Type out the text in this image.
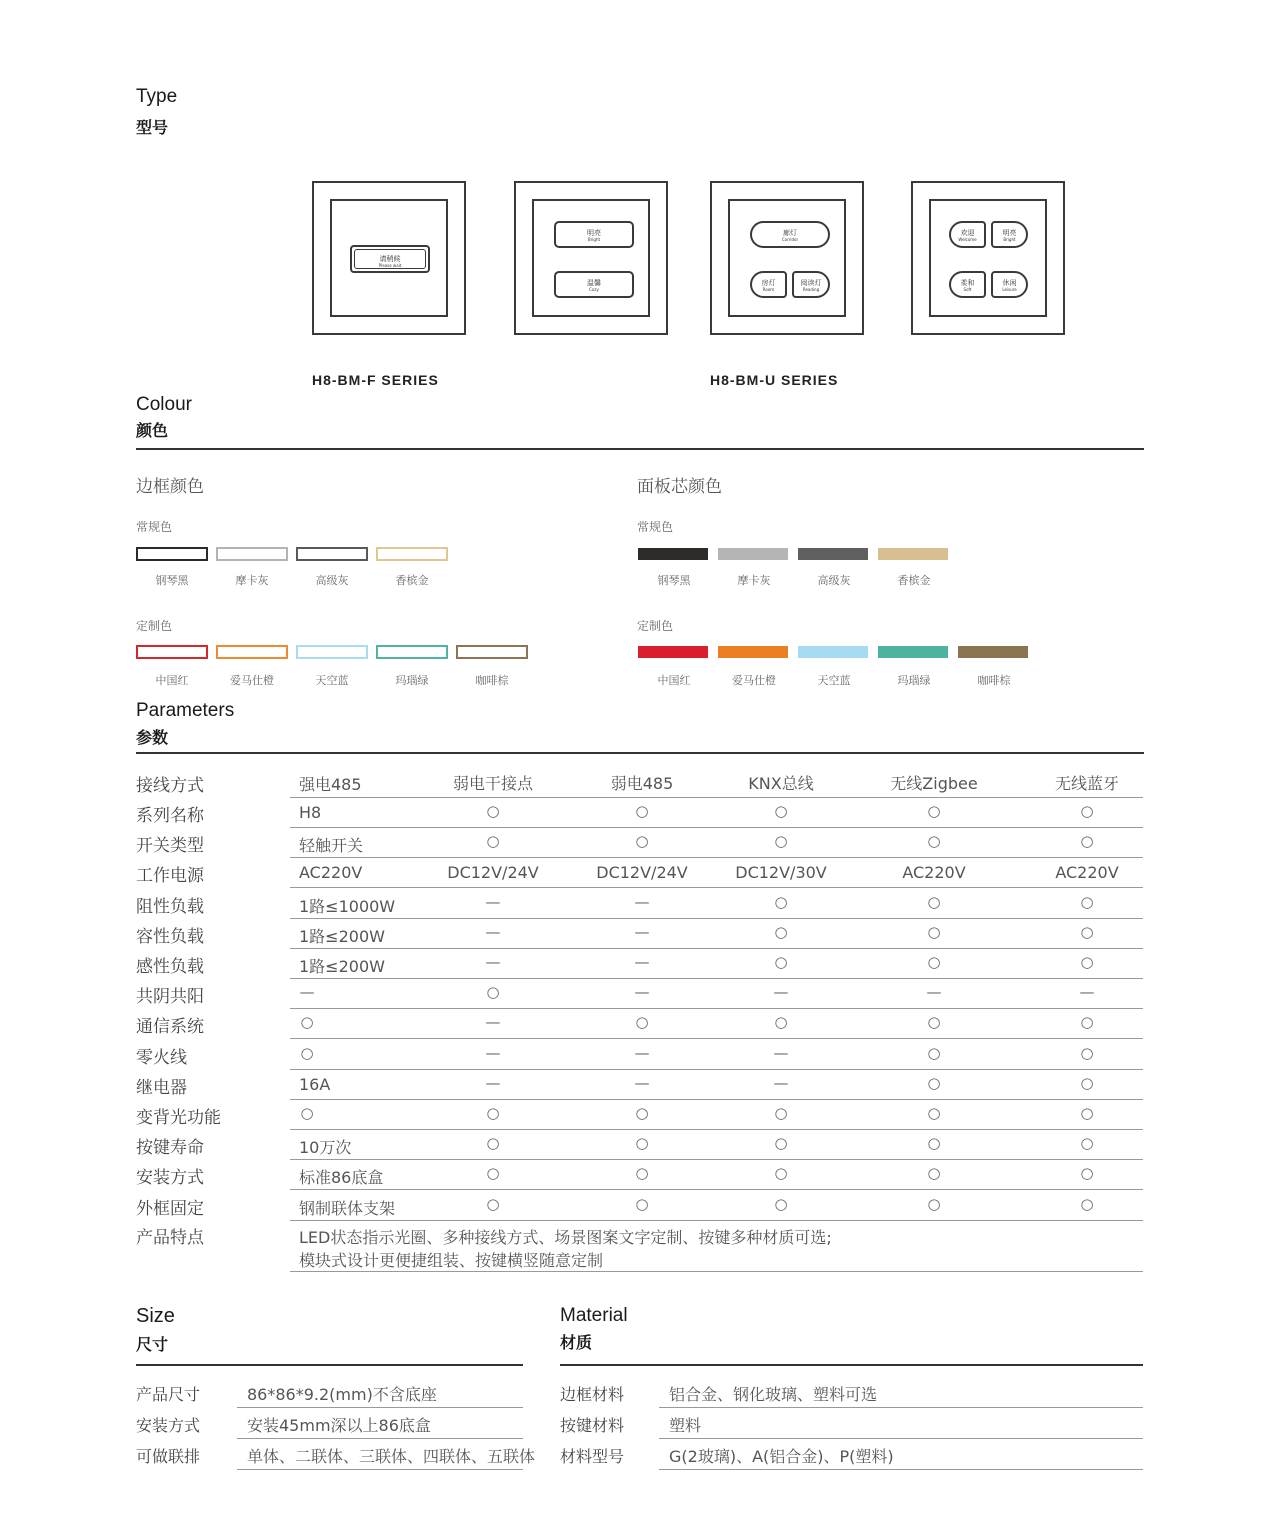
Type
型号
请稍候
Please wait
明亮
Bright
温馨
Cozy
廊灯
Corridor
房灯
Room
阅读灯
Reading
欢迎
Welcome
明亮
Bright
柔和
Soft
休闲
Leisure
H8-BM-F SERIES	H8-BM-U SERIES
Colour
颜色
边框颜色
常规色
定制色
钢琴黑	摩卡灰	高级灰	香槟金
中国红	爱马仕橙	天空蓝	玛瑙绿	咖啡棕
面板芯颜色
常规色
定制色
钢琴黑	摩卡灰	高级灰	香槟金
中国红	爱马仕橙	天空蓝	玛瑙绿	咖啡棕
Parameters
参数
接线方式	强电485	弱电干接点	弱电485	KNX总线	无线Zigbee	无线蓝牙
系列名称	H8	○	○	○	○	○
开关类型	轻触开关	○	○	○	○	○
工作电源	AC220V	DC12V/24V	DC12V/24V	DC12V/30V	AC220V	AC220V
阻性负载	1路≤1000W	—	—	○	○	○
容性负载	1路≤200W	—	—	○	○	○
感性负载	1路≤200W	—	—	○	○	○
共阴共阳	—	○	—	—	—	—
通信系统	○	—	○	○	○	○
零火线	○	—	—	—	○	○
继电器	16A	—	—	—	○	○
变背光功能	○	○	○	○	○	○
按键寿命	10万次	○	○	○	○	○
安装方式	标准86底盒	○	○	○	○	○
外框固定	钢制联体支架	○	○	○	○	○
产品特点	LED状态指示光圈、多种接线方式、场景图案文字定制、按键多种材质可选;
模块式设计更便捷组装、按键横竖随意定制
Size
尺寸
产品尺寸	86*86*9.2(mm)不含底座
安装方式	安装45mm深以上86底盒
可做联排	单体、二联体、三联体、四联体、五联体
Material
材质
边框材料	铝合金、钢化玻璃、塑料可选
按键材料	塑料
材料型号	G(2玻璃)、A(铝合金)、P(塑料)
